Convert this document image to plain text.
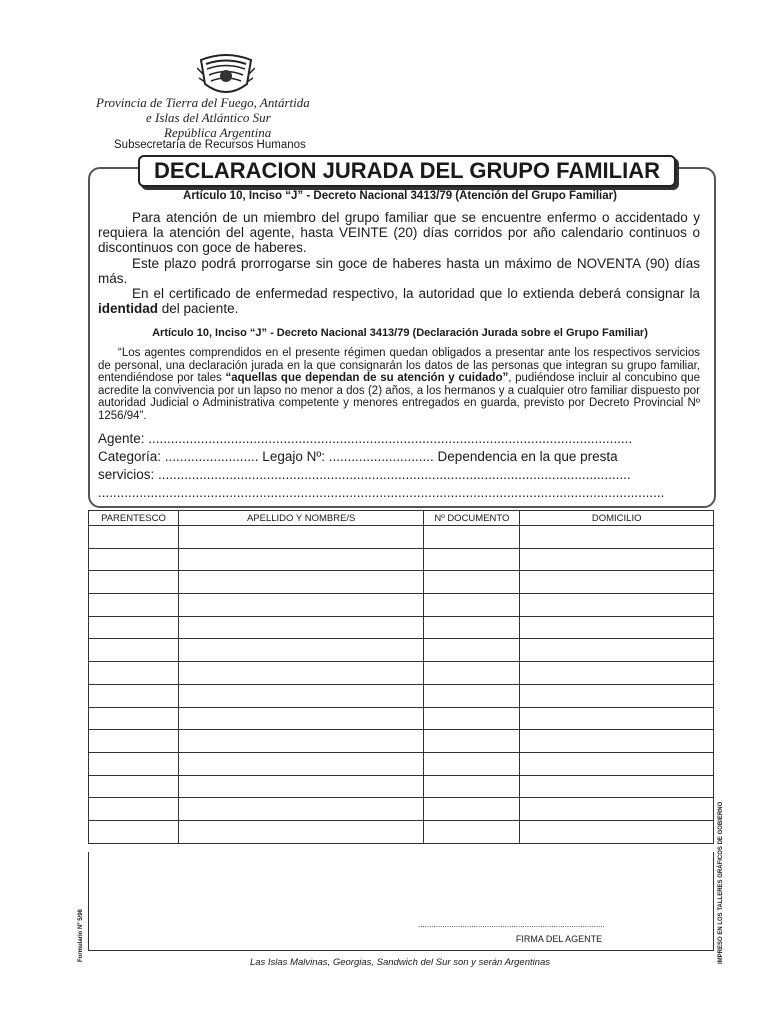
Provincia de Tierra del Fuego, Antártida
e Islas del Atlántico Sur
República Argentina
Subsecretaría de Recursos Humanos
DECLARACION JURADA DEL GRUPO FAMILIAR
Artículo 10, Inciso “J” - Decreto Nacional 3413/79 (Atención del Grupo Familiar)

Para atención de un miembro del grupo familiar que se encuentre enfermo o accidentado y requiera la atención del agente, hasta VEINTE (20) días corridos por año calendario continuos o discontinuos con goce de haberes.

Este plazo podrá prorrogarse sin goce de haberes hasta un máximo de NOVENTA (90) días más.

En el certificado de enfermedad respectivo, la autoridad que lo extienda deberá consignar la identidad del paciente.

Artículo 10, Inciso “J” - Decreto Nacional 3413/79 (Declaración Jurada sobre el Grupo Familiar)

“Los agentes comprendidos en el presente régimen quedan obligados a presentar ante los respectivos servicios de personal, una declaración jurada en la que consignarán los datos de las personas que integran su grupo familiar, entendiéndose por tales “aquellas que dependan de su atención y cuidado”, pudiéndose incluir al concubino que acredite la convivencia por un lapso no menor a dos (2) años, a los hermanos y a cualquier otro familiar dispuesto por autoridad Judicial o Administrativa competente y menores entregados en guarda, previsto por Decreto Provincial Nº 1256/94”.

Agente: .................................................................................................................................
Categoría: ......................... Legajo Nº: ............................ Dependencia en la que presta
servicios: ..............................................................................................................................
.......................................................................................................................................................
PARENTESCO	APELLIDO Y NOMBRE/S	Nº DOCUMENTO	DOMICILIO

....................................................................................
FIRMA DEL AGENTE
Las Islas Malvinas, Georgias, Sandwich del Sur son y serán Argentinas
Formulario Nº 5/98	IMPRESO EN LOS TALLERES GRÁFICOS DE GOBIERNO
